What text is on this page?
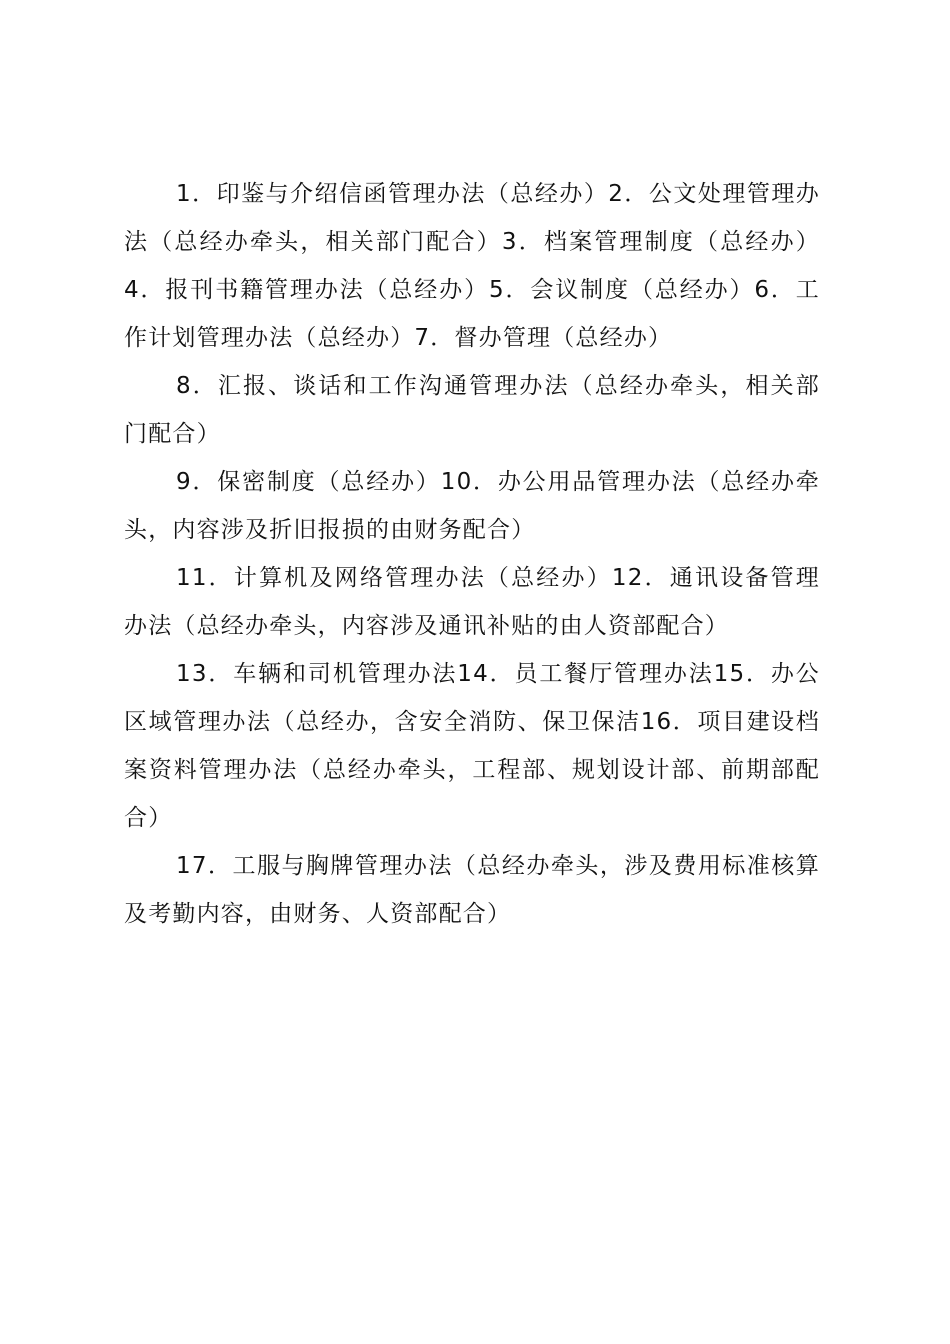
1．印鉴与介绍信函管理办法（总经办）2．公文处理管理办法（总经办牵头，相关部门配合）3．档案管理制度（总经办）4．报刊书籍管理办法（总经办）5．会议制度（总经办）6．工作计划管理办法（总经办）7．督办管理（总经办）

8．汇报、谈话和工作沟通管理办法（总经办牵头，相关部门配合）

9．保密制度（总经办）10．办公用品管理办法（总经办牵头，内容涉及折旧报损的由财务配合）

11．计算机及网络管理办法（总经办）12．通讯设备管理办法（总经办牵头，内容涉及通讯补贴的由人资部配合）

13．车辆和司机管理办法14．员工餐厅管理办法15．办公区域管理办法（总经办，含安全消防、保卫保洁16．项目建设档案资料管理办法（总经办牵头，工程部、规划设计部、前期部配合）

17．工服与胸牌管理办法（总经办牵头，涉及费用标准核算及考勤内容，由财务、人资部配合）
